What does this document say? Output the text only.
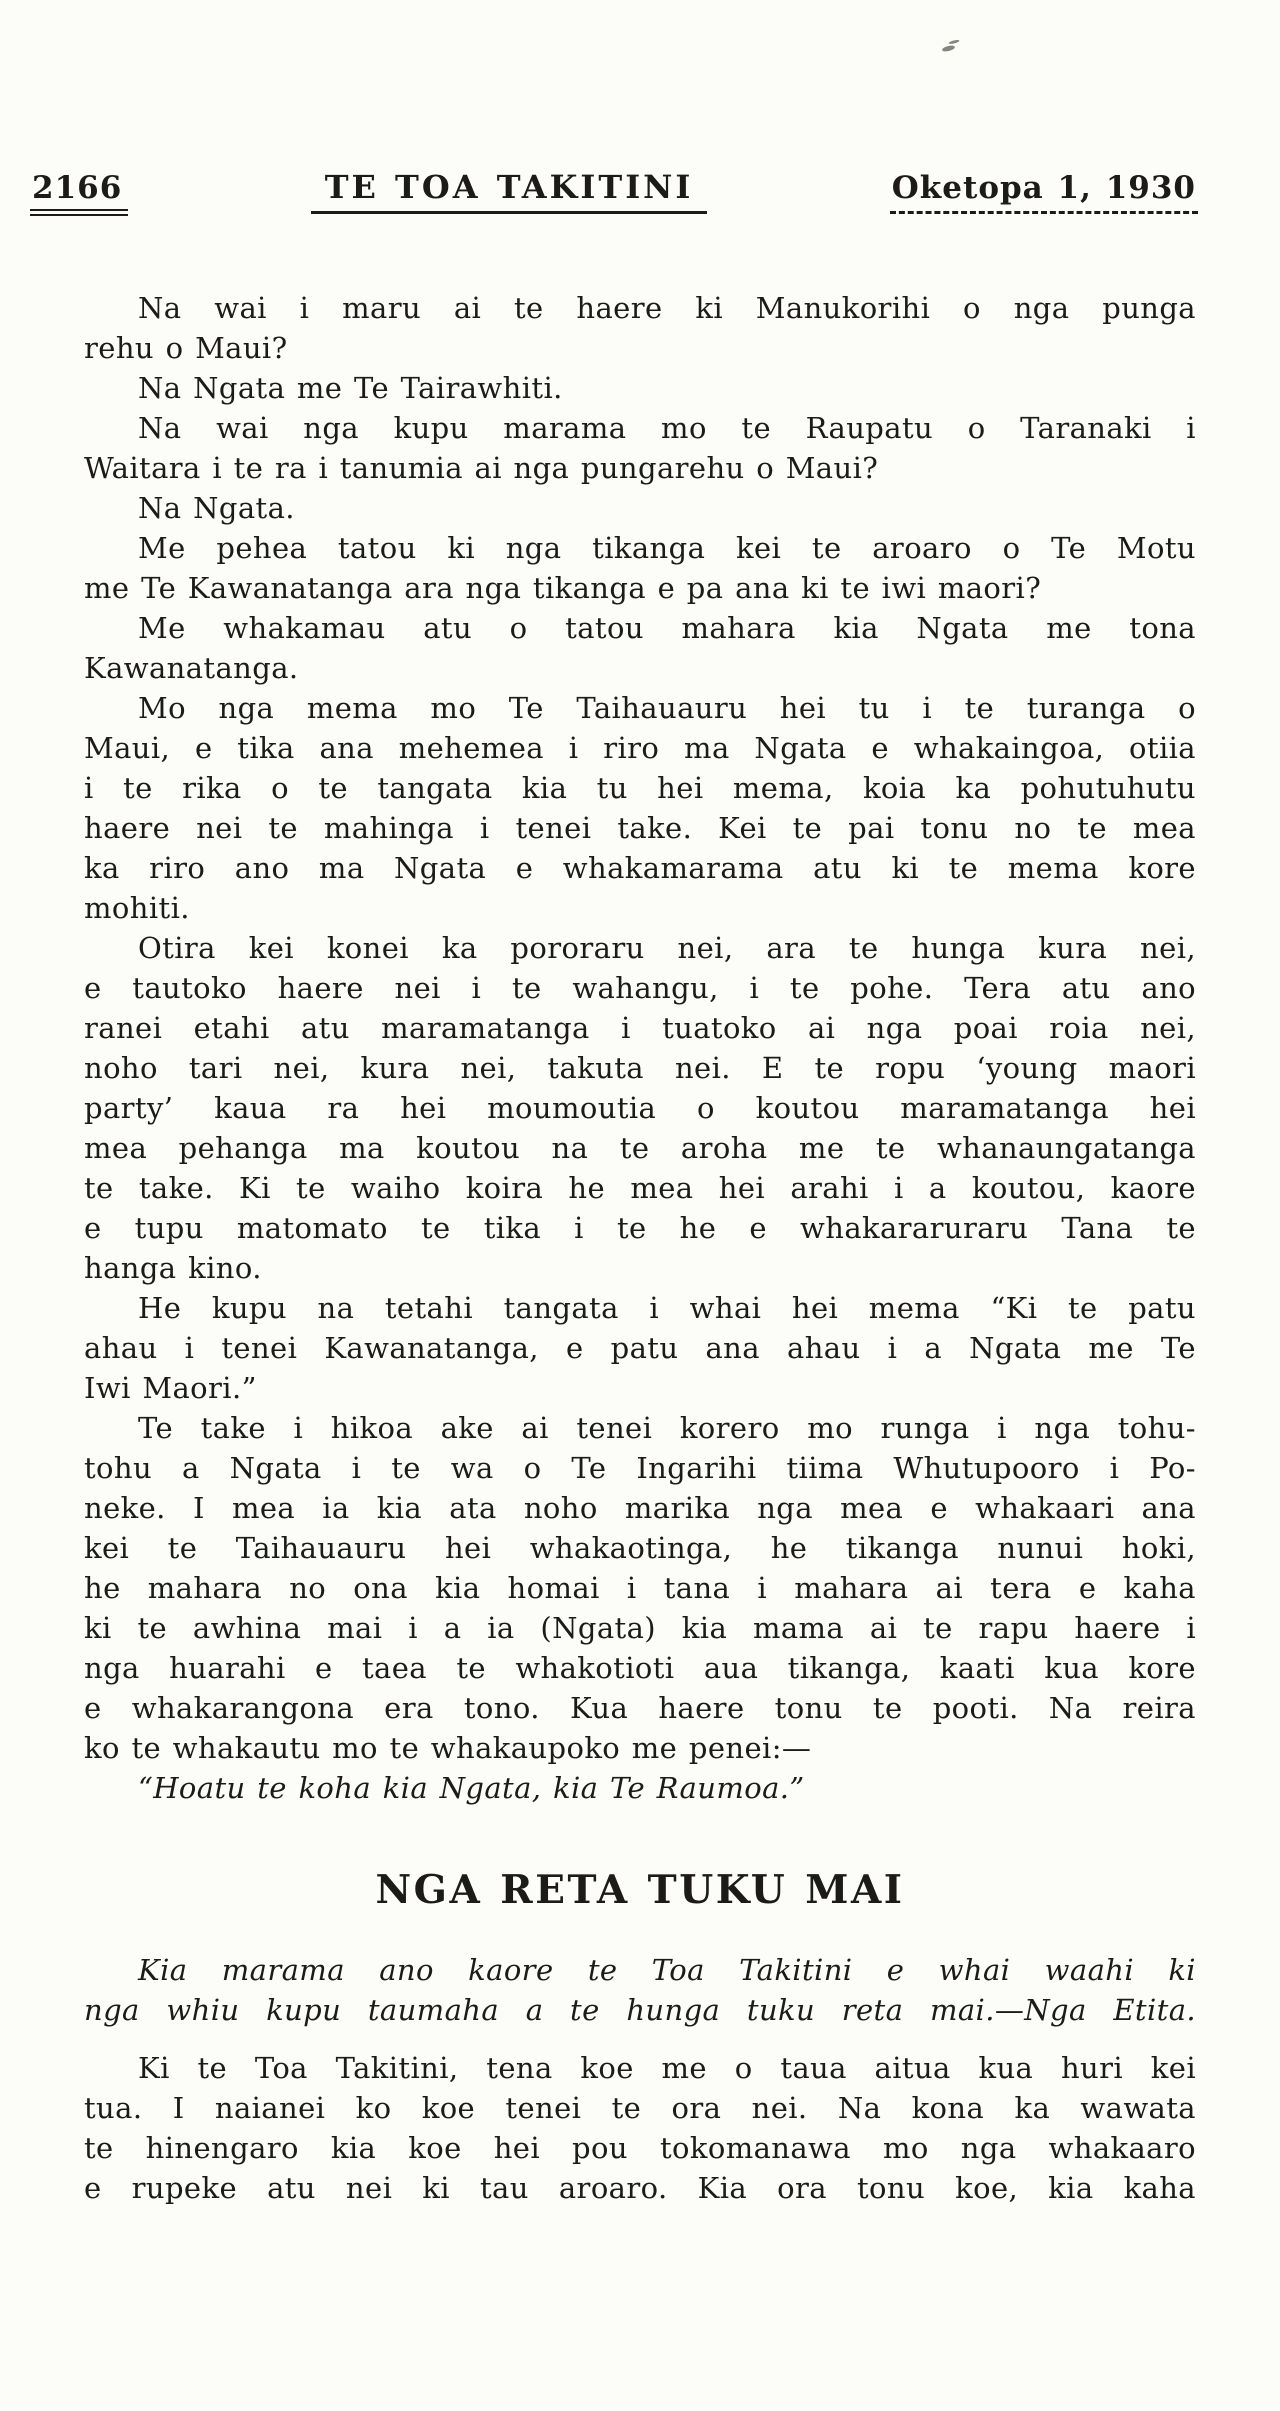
2166	TE TOA TAKITINI	Oketopa 1, 1930

Na wai i maru ai te haere ki Manukorihi o nga punga
rehu o Maui?

Na Ngata me Te Tairawhiti.

Na wai nga kupu marama mo te Raupatu o Taranaki i
Waitara i te ra i tanumia ai nga pungarehu o Maui?

Na Ngata.

Me pehea tatou ki nga tikanga kei te aroaro o Te Motu
me Te Kawanatanga ara nga tikanga e pa ana ki te iwi maori?

Me whakamau atu o tatou mahara kia Ngata me tona
Kawanatanga.

Mo nga mema mo Te Taihauauru hei tu i te turanga o
Maui, e tika ana mehemea i riro ma Ngata e whakaingoa, otiia
i te rika o te tangata kia tu hei mema, koia ka pohutuhutu
haere nei te mahinga i tenei take. Kei te pai tonu no te mea
ka riro ano ma Ngata e whakamarama atu ki te mema kore
mohiti.

Otira kei konei ka pororaru nei, ara te hunga kura nei,
e tautoko haere nei i te wahangu, i te pohe. Tera atu ano
ranei etahi atu maramatanga i tuatoko ai nga poai roia nei,
noho tari nei, kura nei, takuta nei. E te ropu ‘young maori
party’ kaua ra hei moumoutia o koutou maramatanga hei
mea pehanga ma koutou na te aroha me te whanaungatanga
te take. Ki te waiho koira he mea hei arahi i a koutou, kaore
e tupu matomato te tika i te he e whakararuraru Tana te
hanga kino.

He kupu na tetahi tangata i whai hei mema “Ki te patu
ahau i tenei Kawanatanga, e patu ana ahau i a Ngata me Te
Iwi Maori.”

Te take i hikoa ake ai tenei korero mo runga i nga tohu-
tohu a Ngata i te wa o Te Ingarihi tiima Whutupooro i Po-
neke. I mea ia kia ata noho marika nga mea e whakaari ana
kei te Taihauauru hei whakaotinga, he tikanga nunui hoki,
he mahara no ona kia homai i tana i mahara ai tera e kaha
ki te awhina mai i a ia (Ngata) kia mama ai te rapu haere i
nga huarahi e taea te whakotioti aua tikanga, kaati kua kore
e whakarangona era tono. Kua haere tonu te pooti. Na reira
ko te whakautu mo te whakaupoko me penei:—

“Hoatu te koha kia Ngata, kia Te Raumoa.”

NGA RETA TUKU MAI

Kia marama ano kaore te Toa Takitini e whai waahi ki
nga whiu kupu taumaha a te hunga tuku reta mai.—Nga Etita.

Ki te Toa Takitini, tena koe me o taua aitua kua huri kei
tua. I naianei ko koe tenei te ora nei. Na kona ka wawata
te hinengaro kia koe hei pou tokomanawa mo nga whakaaro
e rupeke atu nei ki tau aroaro. Kia ora tonu koe, kia kaha
